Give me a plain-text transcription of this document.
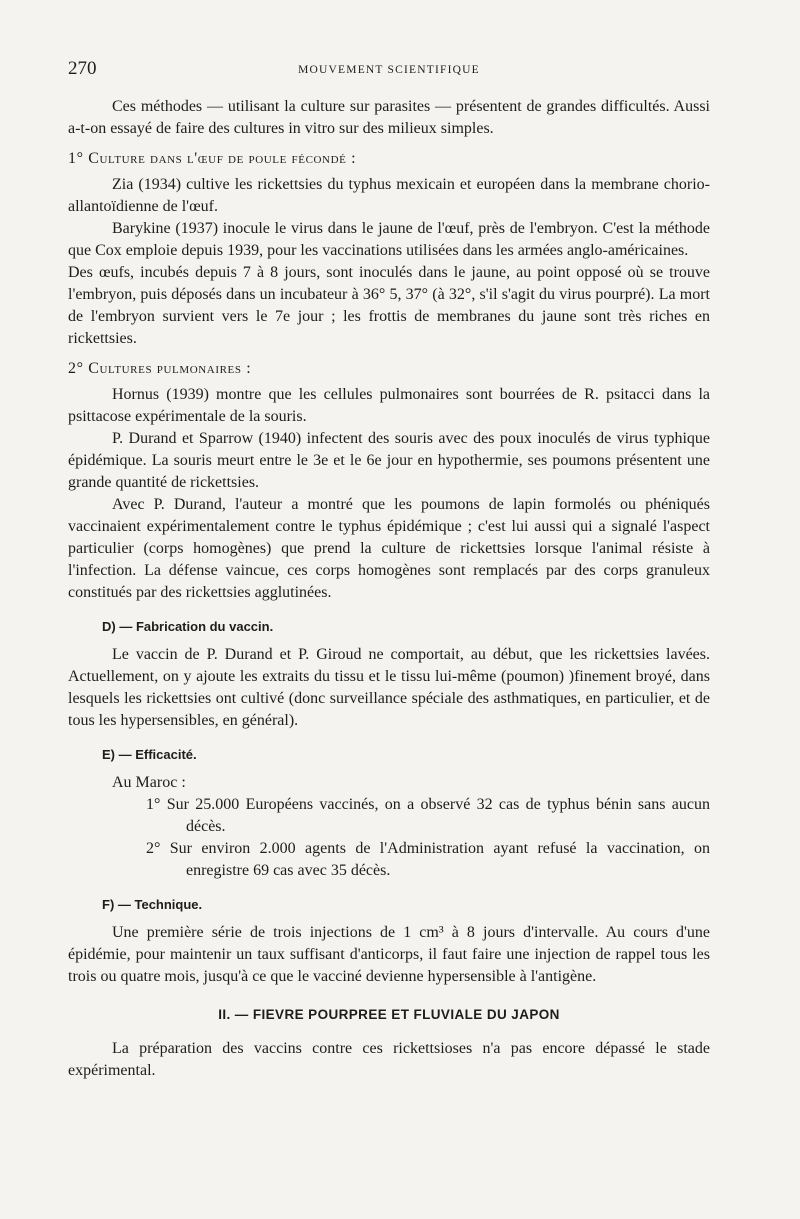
270	MOUVEMENT SCIENTIFIQUE

Ces méthodes — utilisant la culture sur parasites — présentent de grandes difficultés. Aussi a-t-on essayé de faire des cultures in vitro sur des milieux simples.

1° Culture dans l'œuf de poule fécondé :

Zia (1934) cultive les rickettsies du typhus mexicain et européen dans la membrane chorio-allantoïdienne de l'œuf.

Barykine (1937) inocule le virus dans le jaune de l'œuf, près de l'embryon. C'est la méthode que Cox emploie depuis 1939, pour les vaccinations utilisées dans les armées anglo-américaines.

Des œufs, incubés depuis 7 à 8 jours, sont inoculés dans le jaune, au point opposé où se trouve l'embryon, puis déposés dans un incubateur à 36° 5, 37° (à 32°, s'il s'agit du virus pourpré). La mort de l'embryon survient vers le 7e jour ; les frottis de membranes du jaune sont très riches en rickettsies.

2° Cultures pulmonaires :

Hornus (1939) montre que les cellules pulmonaires sont bourrées de R. psitacci dans la psittacose expérimentale de la souris.

P. Durand et Sparrow (1940) infectent des souris avec des poux inoculés de virus typhique épidémique. La souris meurt entre le 3e et le 6e jour en hypothermie, ses poumons présentent une grande quantité de rickettsies.

Avec P. Durand, l'auteur a montré que les poumons de lapin formolés ou phéniqués vaccinaient expérimentalement contre le typhus épidémique ; c'est lui aussi qui a signalé l'aspect particulier (corps homogènes) que prend la culture de rickettsies lorsque l'animal résiste à l'infection. La défense vaincue, ces corps homogènes sont remplacés par des corps granuleux constitués par des rickettsies agglutinées.

D) — Fabrication du vaccin.

Le vaccin de P. Durand et P. Giroud ne comportait, au début, que les rickettsies lavées. Actuellement, on y ajoute les extraits du tissu et le tissu lui-même (poumon) )finement broyé, dans lesquels les rickettsies ont cultivé (donc surveillance spéciale des asthmatiques, en particulier, et de tous les hypersensibles, en général).

E) — Efficacité.

Au Maroc :

1° Sur 25.000 Européens vaccinés, on a observé 32 cas de typhus bénin sans aucun décès.
2° Sur environ 2.000 agents de l'Administration ayant refusé la vaccination, on enregistre 69 cas avec 35 décès.
F) — Technique.

Une première série de trois injections de 1 cm³ à 8 jours d'intervalle. Au cours d'une épidémie, pour maintenir un taux suffisant d'anticorps, il faut faire une injection de rappel tous les trois ou quatre mois, jusqu'à ce que le vacciné devienne hypersensible à l'antigène.

II. — FIEVRE POURPREE ET FLUVIALE DU JAPON

La préparation des vaccins contre ces rickettsioses n'a pas encore dépassé le stade expérimental.
